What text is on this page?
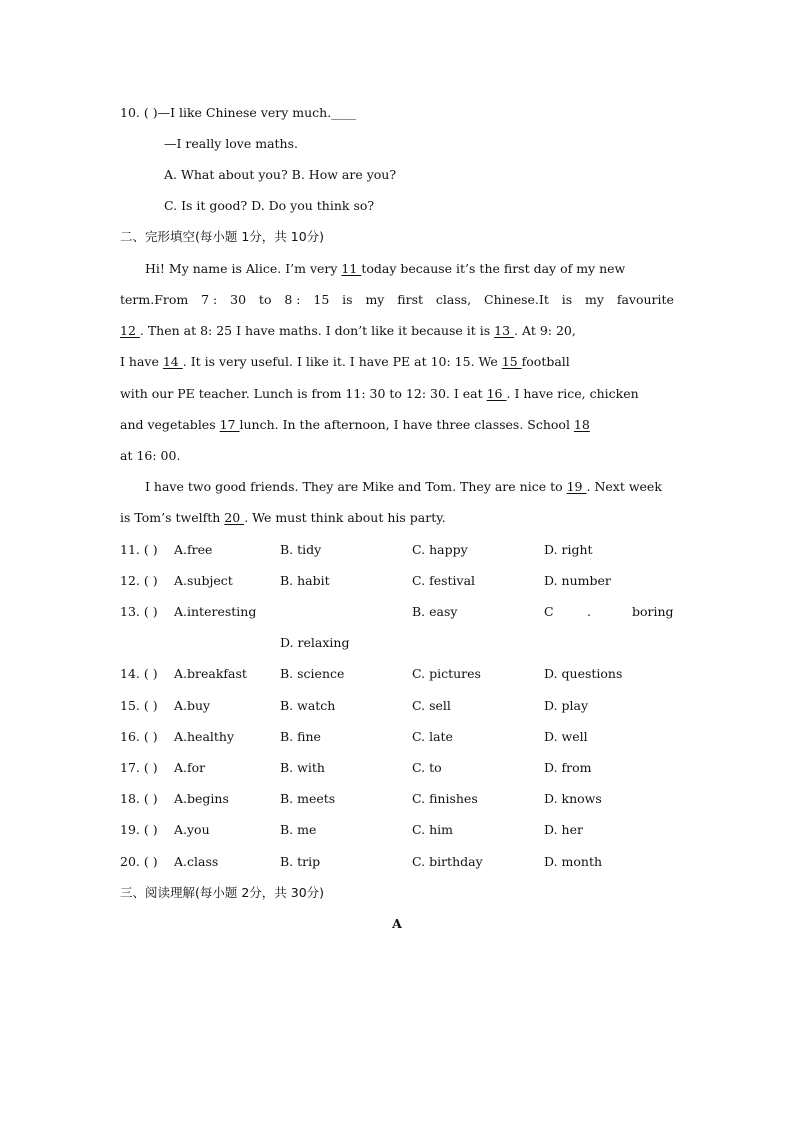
10. ( )—I like Chinese very much.____
—I really love maths.
A. What about you? B. How are you?
C. Is it good? D. Do you think so?
二、完形填空(每小题 1分，共 10分)
Hi! My name is Alice. I’m very 11 today because it’s the first day of my new
term.From 7 : 30 to 8 : 15 is my first class, Chinese.It is my favourite
12 . Then at 8: 25 I have maths. I don’t like it because it is 13 . At 9: 20,
I have 14 . It is very useful. I like it. I have PE at 10: 15. We 15 football
with our PE teacher. Lunch is from 11: 30 to 12: 30. I eat 16 . I have rice, chicken
and vegetables 17 lunch. In the afternoon, I have three classes. School 18
at 16: 00.
I have two good friends. They are Mike and Tom. They are nice to 19 . Next week
is Tom’s twelfth 20 . We must think about his party.
11. ( ) A.free	B. tidy	C. happy	D. right
12. ( ) A.subject	B. habit	C. festival	D. number
13. ( ) A.interesting	B. easy	C	.	boring
D. relaxing
14. ( ) A.breakfast	B. science	C. pictures	D. questions
15. ( ) A.buy	B. watch	C. sell	D. play
16. ( ) A.healthy	B. fine	C. late	D. well
17. ( ) A.for	B. with	C. to	D. from
18. ( ) A.begins	B. meets	C. finishes	D. knows
19. ( ) A.you	B. me	C. him	D. her
20. ( ) A.class	B. trip	C. birthday	D. month
三、阅读理解(每小题 2分，共 30分)
A
